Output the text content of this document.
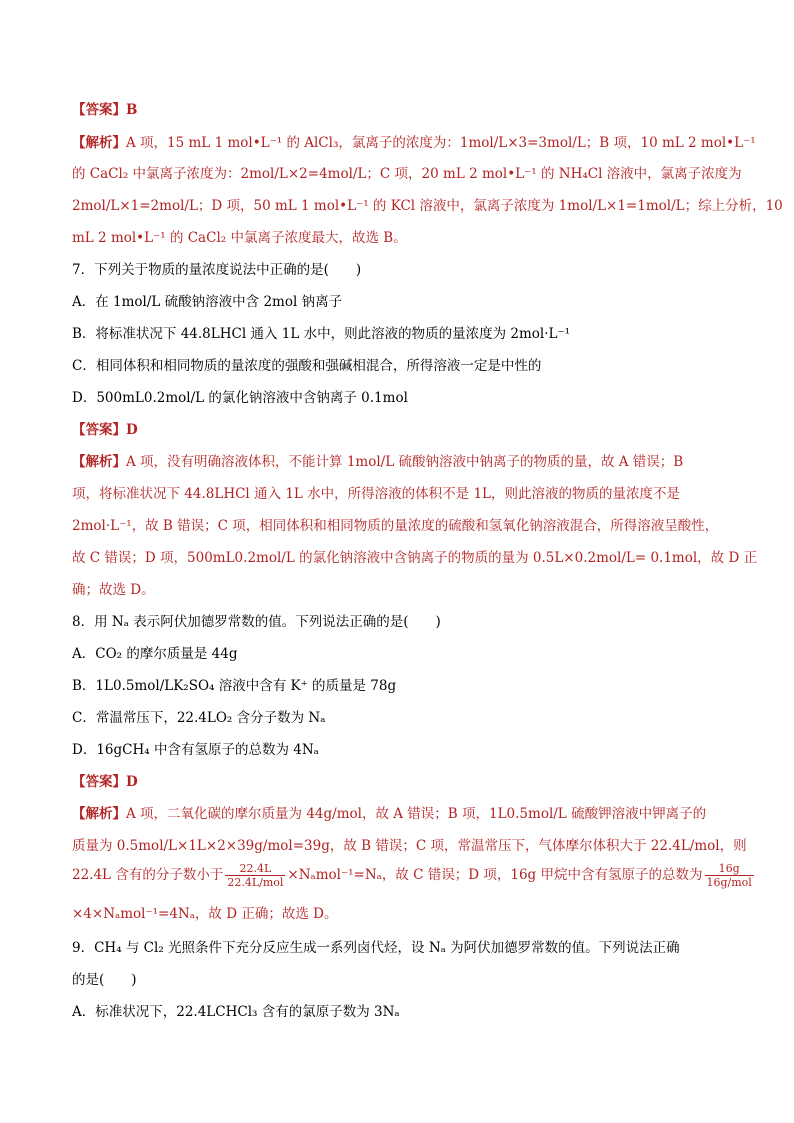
【答案】B
【解析】A 项，15 mL 1 mol•L⁻¹ 的 AlCl₃，氯离子的浓度为：1mol/L×3=3mol/L；B 项，10 mL 2 mol•L⁻¹
的 CaCl₂ 中氯离子浓度为：2mol/L×2=4mol/L；C 项，20 mL 2 mol•L⁻¹ 的 NH₄Cl 溶液中，氯离子浓度为
2mol/L×1=2mol/L；D 项，50 mL 1 mol•L⁻¹ 的 KCl 溶液中，氯离子浓度为 1mol/L×1=1mol/L；综上分析，10
mL 2 mol•L⁻¹ 的 CaCl₂ 中氯离子浓度最大，故选 B。
7．下列关于物质的量浓度说法中正确的是(　　)
A．在 1mol/L 硫酸钠溶液中含 2mol 钠离子
B．将标准状况下 44.8LHCl 通入 1L 水中，则此溶液的物质的量浓度为 2mol·L⁻¹
C．相同体积和相同物质的量浓度的强酸和强碱相混合，所得溶液一定是中性的
D．500mL0.2mol/L 的氯化钠溶液中含钠离子 0.1mol
【答案】D
【解析】A 项，没有明确溶液体积，不能计算 1mol/L 硫酸钠溶液中钠离子的物质的量，故 A 错误；B
项，将标准状况下 44.8LHCl 通入 1L 水中，所得溶液的体积不是 1L，则此溶液的物质的量浓度不是
2mol·L⁻¹，故 B 错误；C 项，相同体积和相同物质的量浓度的硫酸和氢氧化钠溶液混合，所得溶液呈酸性，
故 C 错误；D 项，500mL0.2mol/L 的氯化钠溶液中含钠离子的物质的量为 0.5L×0.2mol/L= 0.1mol，故 D 正
确；故选 D。
8．用 Nₐ 表示阿伏加德罗常数的值。下列说法正确的是(　　)
A．CO₂ 的摩尔质量是 44g
B．1L0.5mol/LK₂SO₄ 溶液中含有 K⁺ 的质量是 78g
C．常温常压下，22.4LO₂ 含分子数为 Nₐ
D．16gCH₄ 中含有氢原子的总数为 4Nₐ
【答案】D
【解析】A 项，二氧化碳的摩尔质量为 44g/mol，故 A 错误；B 项，1L0.5mol/L 硫酸钾溶液中钾离子的
质量为 0.5mol/L×1L×2×39g/mol=39g，故 B 错误；C 项，常温常压下，气体摩尔体积大于 22.4L/mol，则
22.4L 含有的分子数小于 $\frac{22.4L}{\text{22.4L/mol}} \times N_amol^{-1}=N_a$，故 C 错误；D 项，16g 甲烷中含有氢原子的总数为 $\frac{16g}{\text{16g/mol}}$
×4×Nₐmol⁻¹=4Nₐ，故 D 正确；故选 D。
9．CH₄ 与 Cl₂ 光照条件下充分反应生成一系列卤代烃，设 Nₐ 为阿伏加德罗常数的值。下列说法正确
的是(　　)
A．标准状况下，22.4LCHCl₃ 含有的氯原子数为 3Nₐ
